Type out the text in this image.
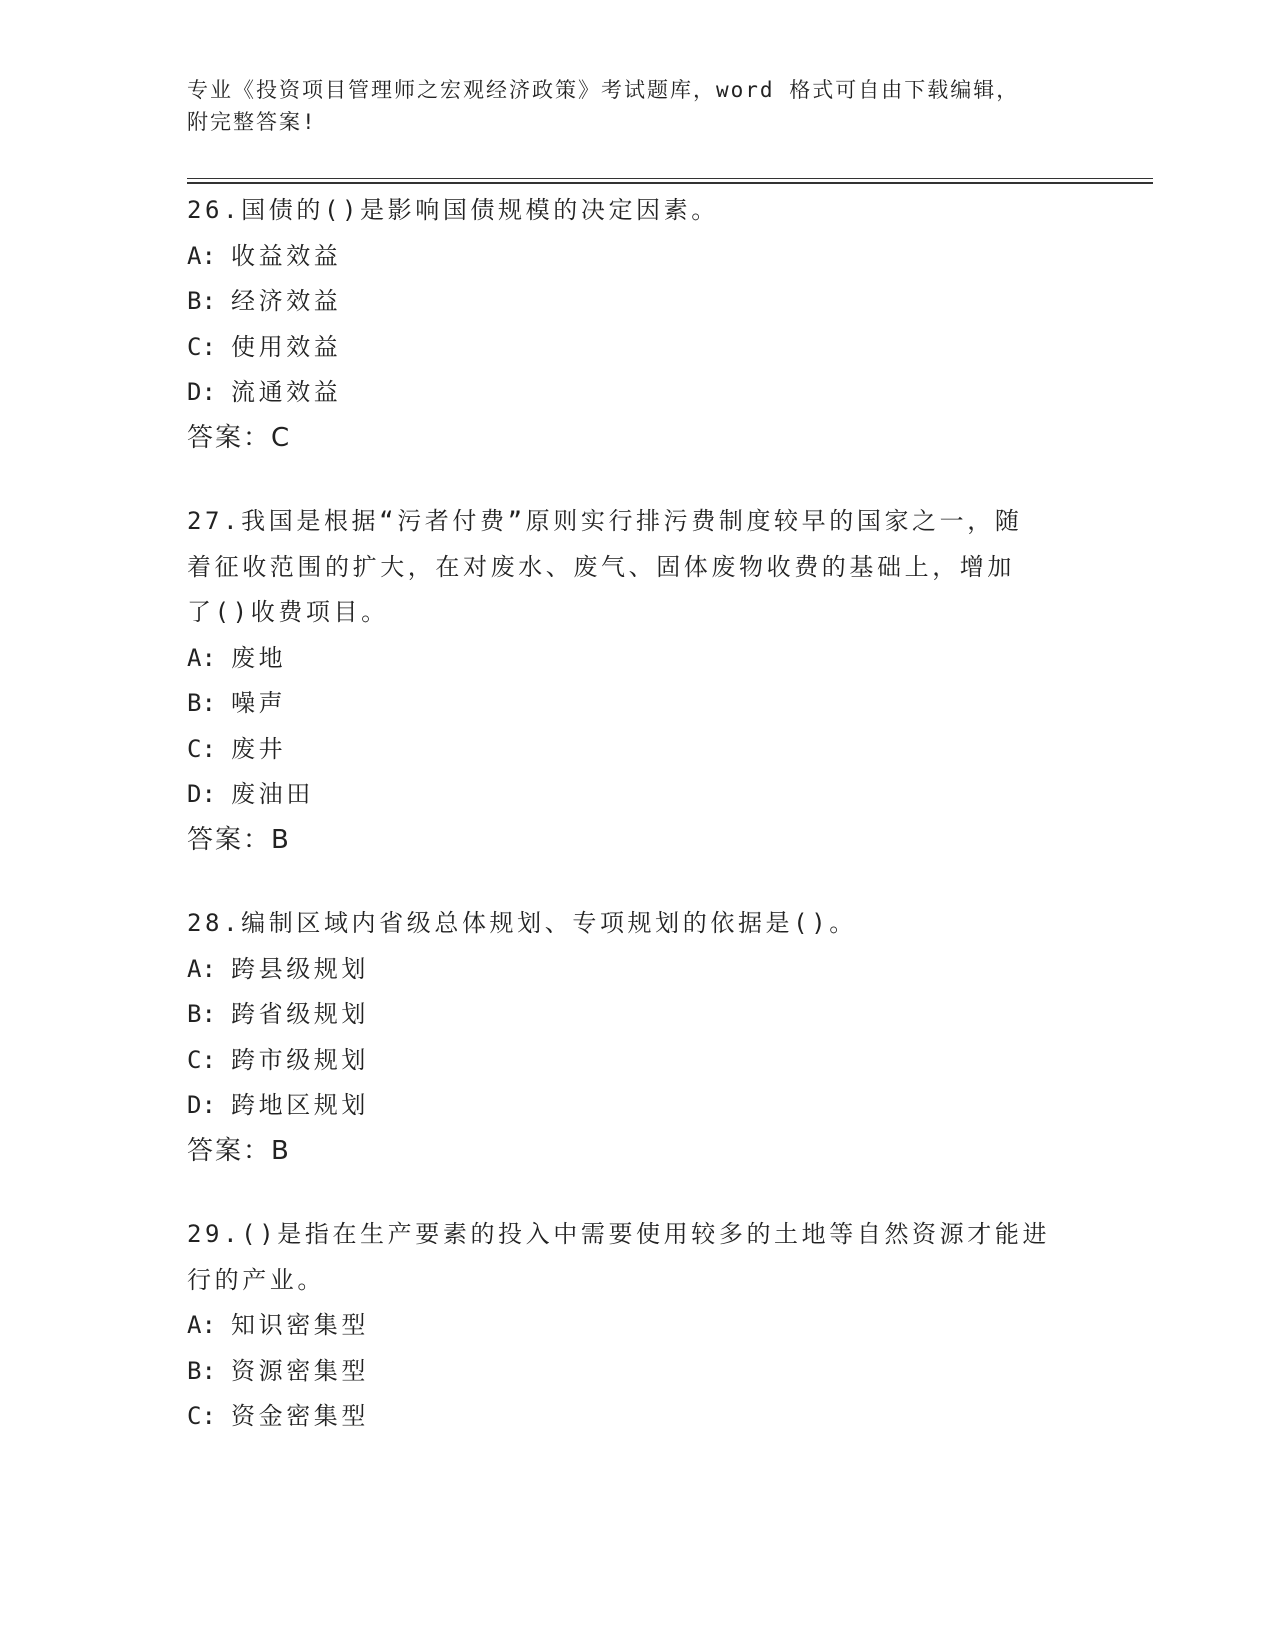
专业《投资项目管理师之宏观经济政策》考试题库，word 格式可自由下载编辑，
附完整答案!

26.国债的()是影响国债规模的决定因素。

A: 收益效益

B: 经济效益

C: 使用效益

D: 流通效益

答案：C

27.我国是根据“污者付费”原则实行排污费制度较早的国家之一，随

着征收范围的扩大，在对废水、废气、固体废物收费的基础上，增加

了()收费项目。

A: 废地

B: 噪声

C: 废井

D: 废油田

答案：B

28.编制区域内省级总体规划、专项规划的依据是()。

A: 跨县级规划

B: 跨省级规划

C: 跨市级规划

D: 跨地区规划

答案：B

29.()是指在生产要素的投入中需要使用较多的土地等自然资源才能进

行的产业。

A: 知识密集型

B: 资源密集型

C: 资金密集型
